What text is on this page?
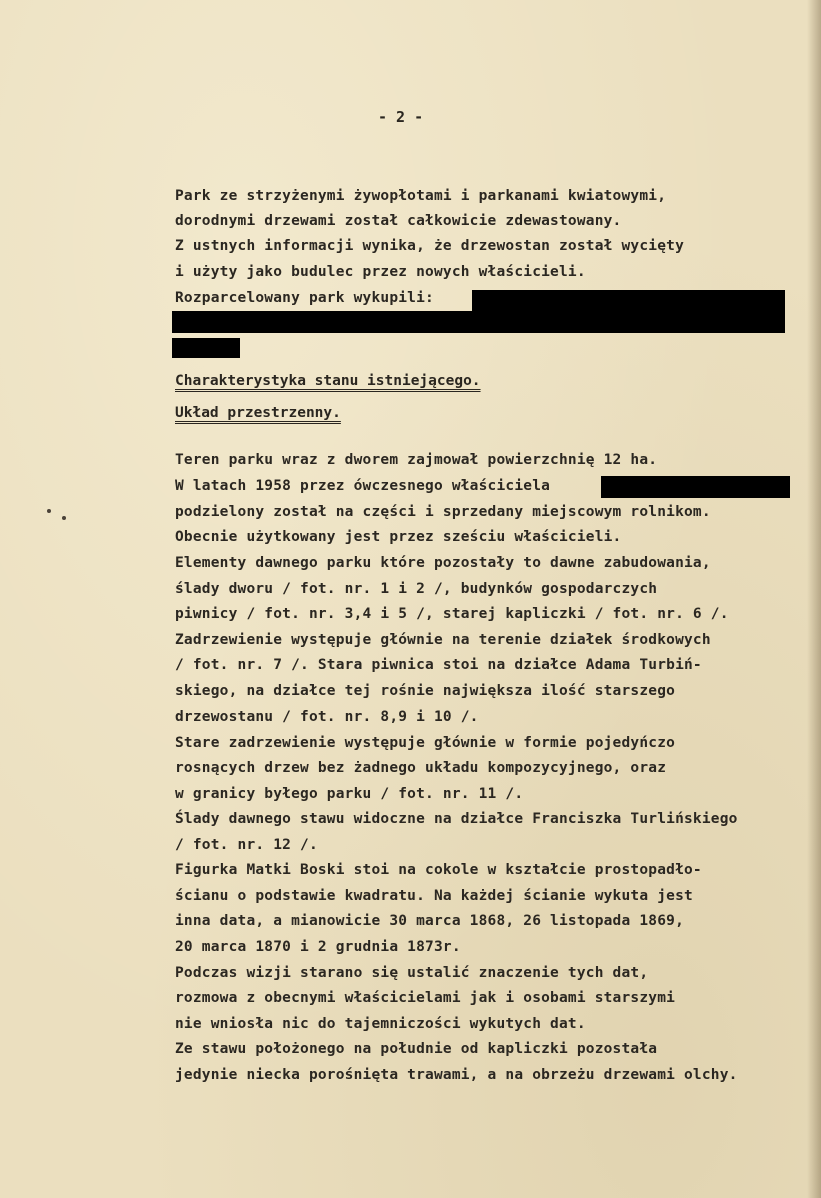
- 2 -
Park ze strzyżenymi żywopłotami i parkanami kwiatowymi,
dorodnymi drzewami został całkowicie zdewastowany.
Z ustnych informacji wynika, że drzewostan został wycięty
i użyty jako budulec przez nowych właścicieli.
Rozparcelowany park wykupili:
Charakterystyka stanu istniejącego.
Układ przestrzenny.
Teren parku wraz z dworem zajmował powierzchnię 12 ha.
W latach 1958 przez ówczesnego właściciela
podzielony został na części i sprzedany miejscowym rolnikom.
Obecnie użytkowany jest przez sześciu właścicieli.
Elementy dawnego parku które pozostały to dawne zabudowania,
ślady dworu / fot. nr. 1 i 2 /, budynków gospodarczych
piwnicy / fot. nr. 3,4 i 5 /, starej kapliczki / fot. nr. 6 /.
Zadrzewienie występuje głównie na terenie działek środkowych
/ fot. nr. 7 /. Stara piwnica stoi na działce Adama Turbiń-
skiego, na działce tej rośnie największa ilość starszego
drzewostanu / fot. nr. 8,9 i 10 /.
Stare zadrzewienie występuje głównie w formie pojedyńczo
rosnących drzew bez żadnego układu kompozycyjnego, oraz
w granicy byłego parku / fot. nr. 11 /.
Ślady dawnego stawu widoczne na działce Franciszka Turlińskiego
/ fot. nr. 12 /.
Figurka Matki Boski stoi na cokole w kształcie prostopadło-
ścianu o podstawie kwadratu. Na każdej ścianie wykuta jest
inna data, a mianowicie 30 marca 1868, 26 listopada 1869,
20 marca 1870 i 2 grudnia 1873r.
Podczas wizji starano się ustalić znaczenie tych dat,
rozmowa z obecnymi właścicielami jak i osobami starszymi
nie wniosła nic do tajemniczości wykutych dat.
Ze stawu położonego na południe od kapliczki pozostała
jedynie niecka porośnięta trawami, a na obrzeżu drzewami olchy.
